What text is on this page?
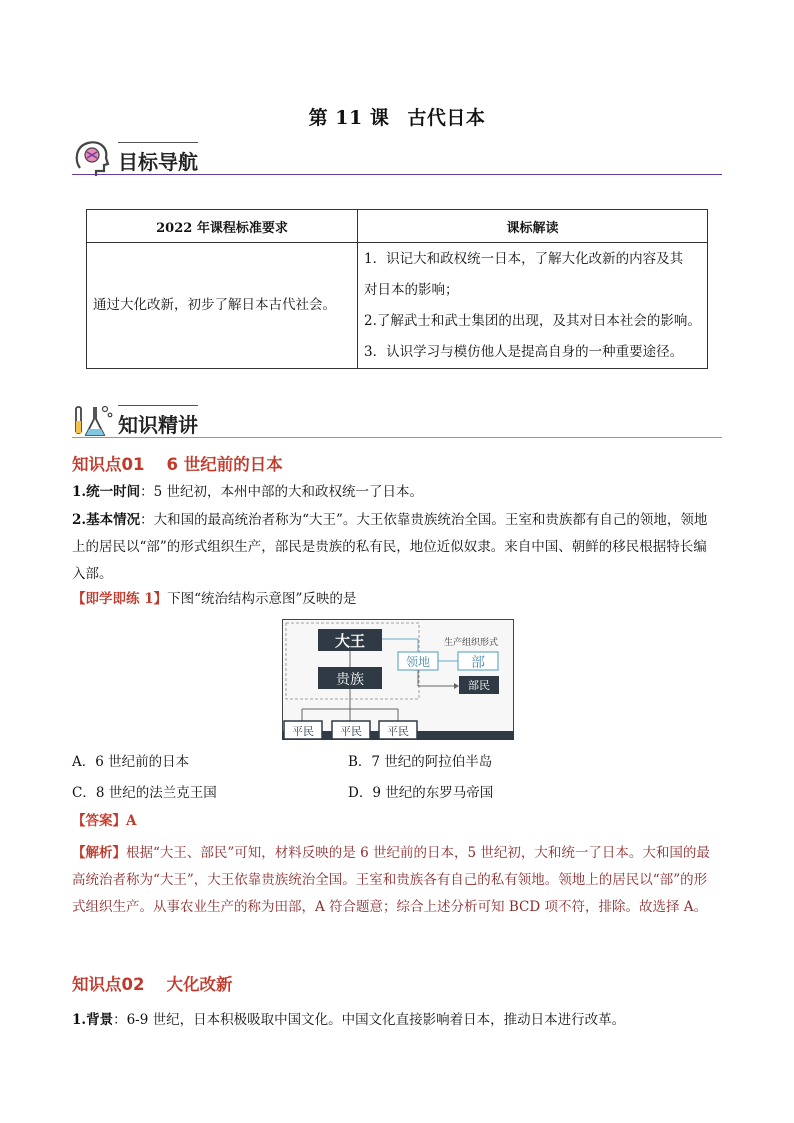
第 11 课 古代日本
目标导航
2022 年课程标准要求	课标解读
通过大化改新，初步了解日本古代社会。	1．识记大和政权统一日本，了解大化改新的内容及其
对日本的影响；
2.了解武士和武士集团的出现，及其对日本社会的影响。
3．认识学习与模仿他人是提高自身的一种重要途径。
知识精讲
知识点01 6 世纪前的日本
1.统一时间：5 世纪初，本州中部的大和政权统一了日本。
2.基本情况：大和国的最高统治者称为“大王”。大王依靠贵族统治全国。王室和贵族都有自己的领地，领地
上的居民以“部”的形式组织生产，部民是贵族的私有民，地位近似奴隶。来自中国、朝鲜的移民根据特长编
入部。
【即学即练 1】下图“统治结构示意图”反映的是
大王
贵族
平民 平民 平民
生产组织形式
领地	部
部民
A．6 世纪前的日本	B．7 世纪的阿拉伯半岛
C．8 世纪的法兰克王国	D．9 世纪的东罗马帝国
【答案】A
【解析】根据“大王、部民”可知，材料反映的是 6 世纪前的日本，5 世纪初，大和统一了日本。大和国的最
高统治者称为“大王”，大王依靠贵族统治全国。王室和贵族各有自己的私有领地。领地上的居民以“部”的形
式组织生产。从事农业生产的称为田部，A 符合题意；综合上述分析可知 BCD 项不符，排除。故选择 A。
知识点02 大化改新
1.背景：6-9 世纪，日本积极吸取中国文化。中国文化直接影响着日本，推动日本进行改革。
